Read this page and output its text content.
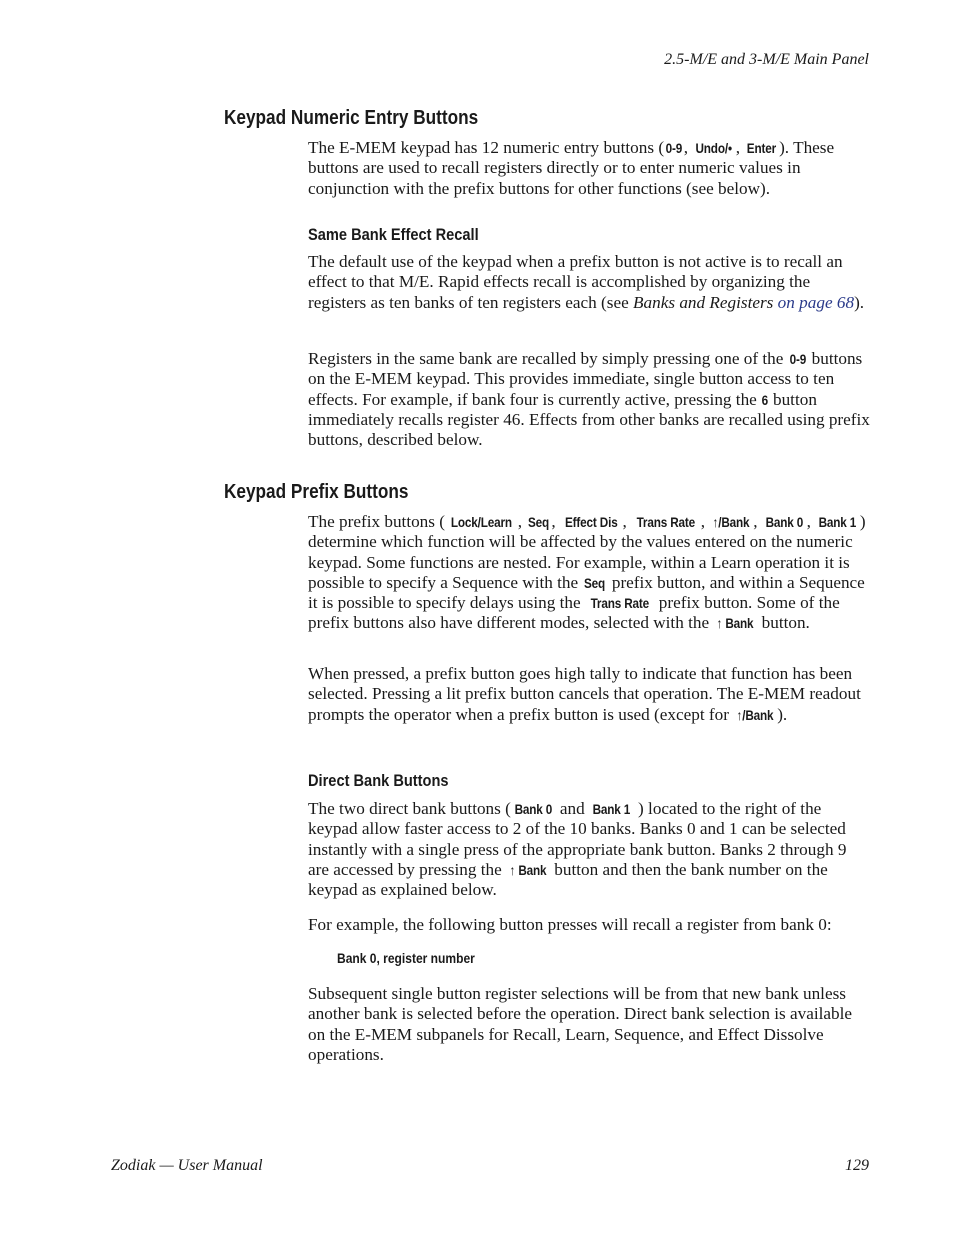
2.5-M/E and 3-M/E Main Panel
Keypad Numeric Entry Buttons

The E-MEM keypad has 12 numeric entry buttons ( 0-9, Undo/• , Enter ). These buttons are used to recall registers directly or to enter numeric values in conjunction with the prefix buttons for other functions (see below).

Same Bank Effect Recall

The default use of the keypad when a prefix button is not active is to recall an effect to that M/E. Rapid effects recall is accomplished by organizing the registers as ten banks of ten registers each (see Banks and Registers on page 68).

Registers in the same bank are recalled by simply pressing one of the 0-9 buttons on the E-MEM keypad. This provides immediate, single button access to ten effects. For example, if bank four is currently active, pressing the 6 button immediately recalls register 46. Effects from other banks are recalled using prefix buttons, described below.

Keypad Prefix Buttons

The prefix buttons ( Lock/Learn , Seq , Effect Dis , Trans Rate , ↑/Bank , Bank 0 , Bank 1 ) determine which function will be affected by the values entered on the numeric keypad. Some functions are nested. For example, within a Learn operation it is possible to specify a Sequence with the Seq prefix button, and within a Sequence it is possible to specify delays using the Trans Rate prefix button. Some of the prefix buttons also have different modes, selected with the ↑ Bank button.

When pressed, a prefix button goes high tally to indicate that function has been selected. Pressing a lit prefix button cancels that operation. The E-MEM readout prompts the operator when a prefix button is used (except for ↑/Bank ).

Direct Bank Buttons

The two direct bank buttons ( Bank 0 and Bank 1 ) located to the right of the keypad allow faster access to 2 of the 10 banks. Banks 0 and 1 can be selected instantly with a single press of the appropriate bank button. Banks 2 through 9 are accessed by pressing the ↑ Bank button and then the bank number on the keypad as explained below.

For example, the following button presses will recall a register from bank 0:

Bank 0, register number

Subsequent single button register selections will be from that new bank unless another bank is selected before the operation. Direct bank selection is available on the E-MEM subpanels for Recall, Learn, Sequence, and Effect Dissolve operations.

Zodiak — User Manual	129
